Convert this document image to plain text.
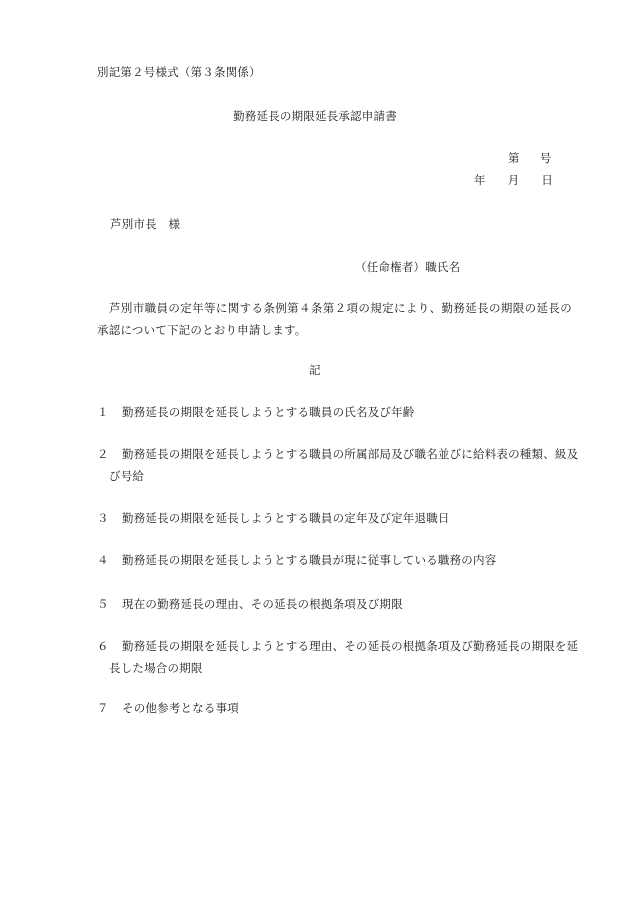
別記第２号様式（第３条関係）
勤務延長の期限延長承認申請書
第 号
年 月 日
芦別市長　様
（任命権者）職氏名
芦別市職員の定年等に関する条例第４条第２項の規定により、勤務延長の期限の延長の承認について下記のとおり申請します。
記
１ 勤務延長の期限を延長しようとする職員の氏名及び年齢
２ 勤務延長の期限を延長しようとする職員の所属部局及び職名並びに給料表の種類、級及び号給
３ 勤務延長の期限を延長しようとする職員の定年及び定年退職日
４ 勤務延長の期限を延長しようとする職員が現に従事している職務の内容
５ 現在の勤務延長の理由、その延長の根拠条項及び期限
６ 勤務延長の期限を延長しようとする理由、その延長の根拠条項及び勤務延長の期限を延長した場合の期限
７ その他参考となる事項
